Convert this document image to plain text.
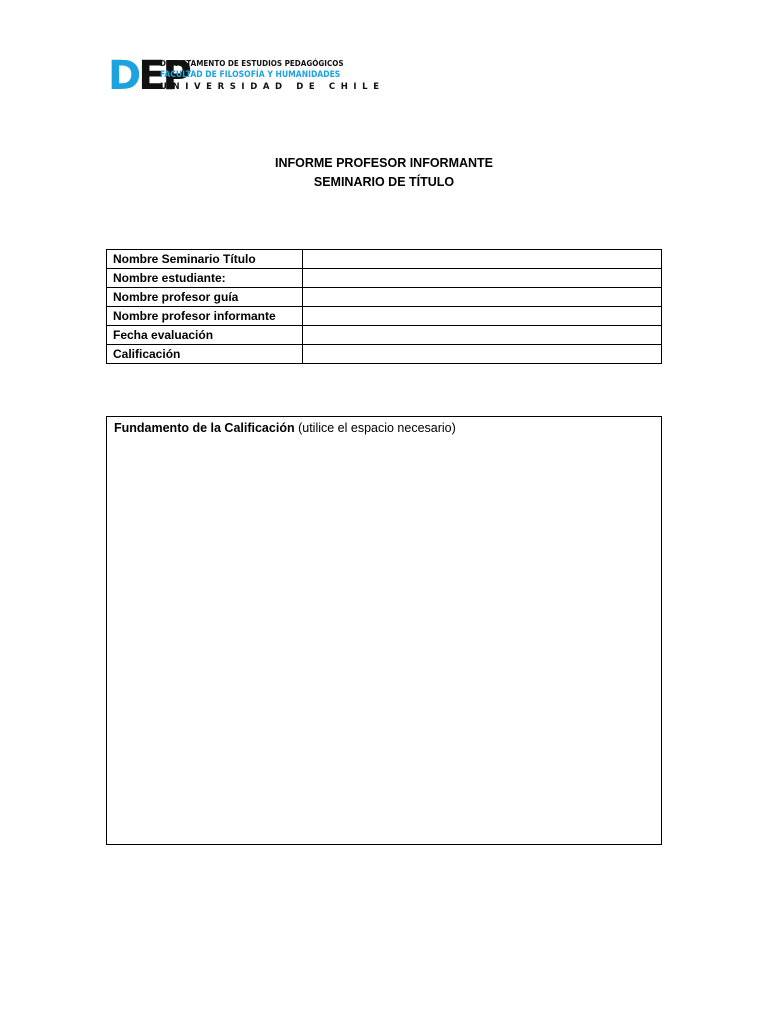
DEP
DEPARTAMENTO DE ESTUDIOS PEDAGÓGICOS
FACULTAD DE FILOSOFÍA Y HUMANIDADES
UNIVERSIDAD DE CHILE
INFORME PROFESOR INFORMANTE
SEMINARIO DE TÍTULO
Nombre Seminario Título	
Nombre estudiante:	
Nombre profesor guía	
Nombre profesor informante	
Fecha evaluación	
Calificación	
Fundamento de la Calificación (utilice el espacio necesario)
